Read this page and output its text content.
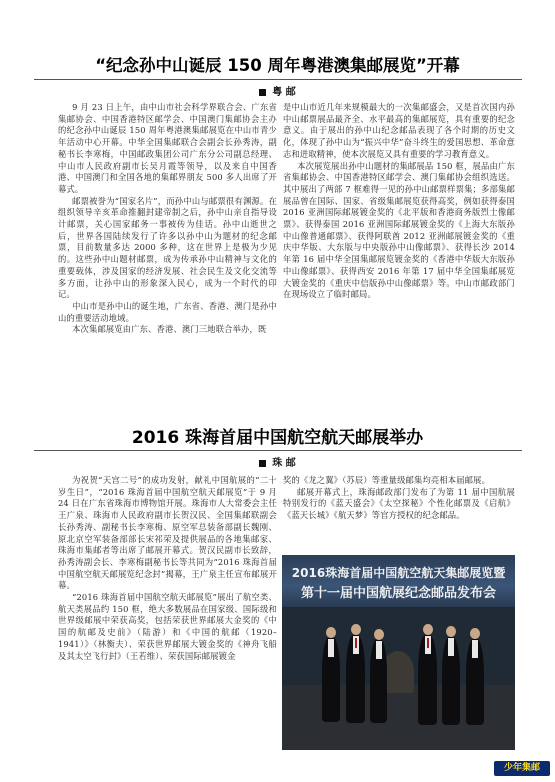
“纪念孙中山诞辰 150 周年粤港澳集邮展览”开幕
粤 邮

9 月 23 日上午，由中山市社会科学界联合会、广东省集邮协会、中国香港特区邮学会、中国澳门集邮协会主办的纪念孙中山诞辰 150 周年粤港澳集邮展览在中山市青少年活动中心开幕。中华全国集邮联合会副会长孙秀涛，副秘书长李寒梅，中国邮政集团公司广东分公司副总经理、中山市人民政府副市长吴月霞等领导，以及来自中国香港、中国澳门和全国各地的集邮界朋友 500 多人出席了开幕式。

邮票被誉为“国家名片”，而孙中山与邮票很有渊源。在组织领导辛亥革命推翻封建帝制之后，孙中山亲自指导设计邮票，关心国家邮务一事被传为佳话。孙中山逝世之后，世界各国陆续发行了许多以孙中山为题材的纪念邮票，目前数量多达 2000 多种，这在世界上是极为少见的。这些孙中山题材邮票，成为传承孙中山精神与文化的重要载体，涉及国家的经济发展、社会民生及文化交流等多方面，让孙中山的形象深入民心，成为一个时代的印记。

中山市是孙中山的诞生地，广东省、香港、澳门是孙中山的重要活动地域。

本次集邮展览由广东、香港、澳门三地联合举办，既

是中山市近几年来规模最大的一次集邮盛会，又是首次国内孙中山邮票展品最齐全、水平最高的集邮展览，具有重要的纪念意义。由于展出的孙中山纪念邮品表现了各个时期的历史文化，体现了孙中山为“振兴中华”奋斗终生的爱国思想、革命意志和进取精神，使本次展览又具有重要的学习教育意义。

本次展览展出孙中山题材的集邮展品 150 框，展品由广东省集邮协会、中国香港特区邮学会、澳门集邮协会组织选送。其中展出了两部 7 框难得一见的孙中山邮票样票集；多部集邮展品曾在国际、国家、省级集邮展览获得高奖，例如获得泰国 2016 亚洲国际邮展镀金奖的《北平版和香港商务版烈士像邮票》、获得泰国 2016 亚洲国际邮展镀金奖的《上海大东版孙中山像普通邮票》、获得阿联酋 2012 亚洲邮展镀金奖的《重庆中华版、大东版与中央版孙中山像邮票》、获得长沙 2014 年第 16 届中华全国集邮展览镀金奖的《香港中华版大东版孙中山像邮票》、获得西安 2016 年第 17 届中华全国集邮展览大镀金奖的《重庆中信版孙中山像邮票》等。中山市邮政部门在现场设立了临时邮局。

2016 珠海首届中国航空航天邮展举办
珠 邮

为祝贺“天宫二号”的成功发射，献礼中国航展的“二十岁生日”，“2016 珠海首届中国航空航天邮展览”于 9 月 24 日在广东省珠海市博物馆开展。珠海市人大常委会主任王广泉、珠海市人民政府副市长贺汉民、全国集邮联副会长孙秀涛、副秘书长李寒梅、原空军总装备部副长魏刚、原北京空军装备部部长宋祁荣及提供展品的各地集邮家、珠海市集邮者等出席了邮展开幕式。贺汉民副市长致辞，孙秀涛副会长、李寒梅副秘书长等共同为“2016 珠海首届中国航空航天邮展览纪念封”揭幕，王广泉主任宣布邮展开幕。

“2016 珠海首届中国航空航天邮展览”展出了航空类、航天类展品约 150 框，绝大多数展品在国家级、国际级和世界级邮展中荣获高奖，包括荣获世界邮展大金奖的《中国的航邮及史前》（陆游）和《中国的航邮（1920–1941）》（林衡夫）、荣获世界邮展大镀金奖的《神舟飞船及其太空飞行封》（王若维）、荣获国际邮展镀金

奖的《龙之翼》（苏辰）等重量级邮集均亮相本届邮展。

邮展开幕式上，珠海邮政部门发布了为第 11 届中国航展特别发行的《蓝天盛会》《太空探秘》个性化邮票及《启航》《蓝天长城》《航天梦》等官方授权的纪念邮品。

2016珠海首届中国航空航天集邮展览暨
第十一届中国航展纪念邮品发布会
少年集邮
